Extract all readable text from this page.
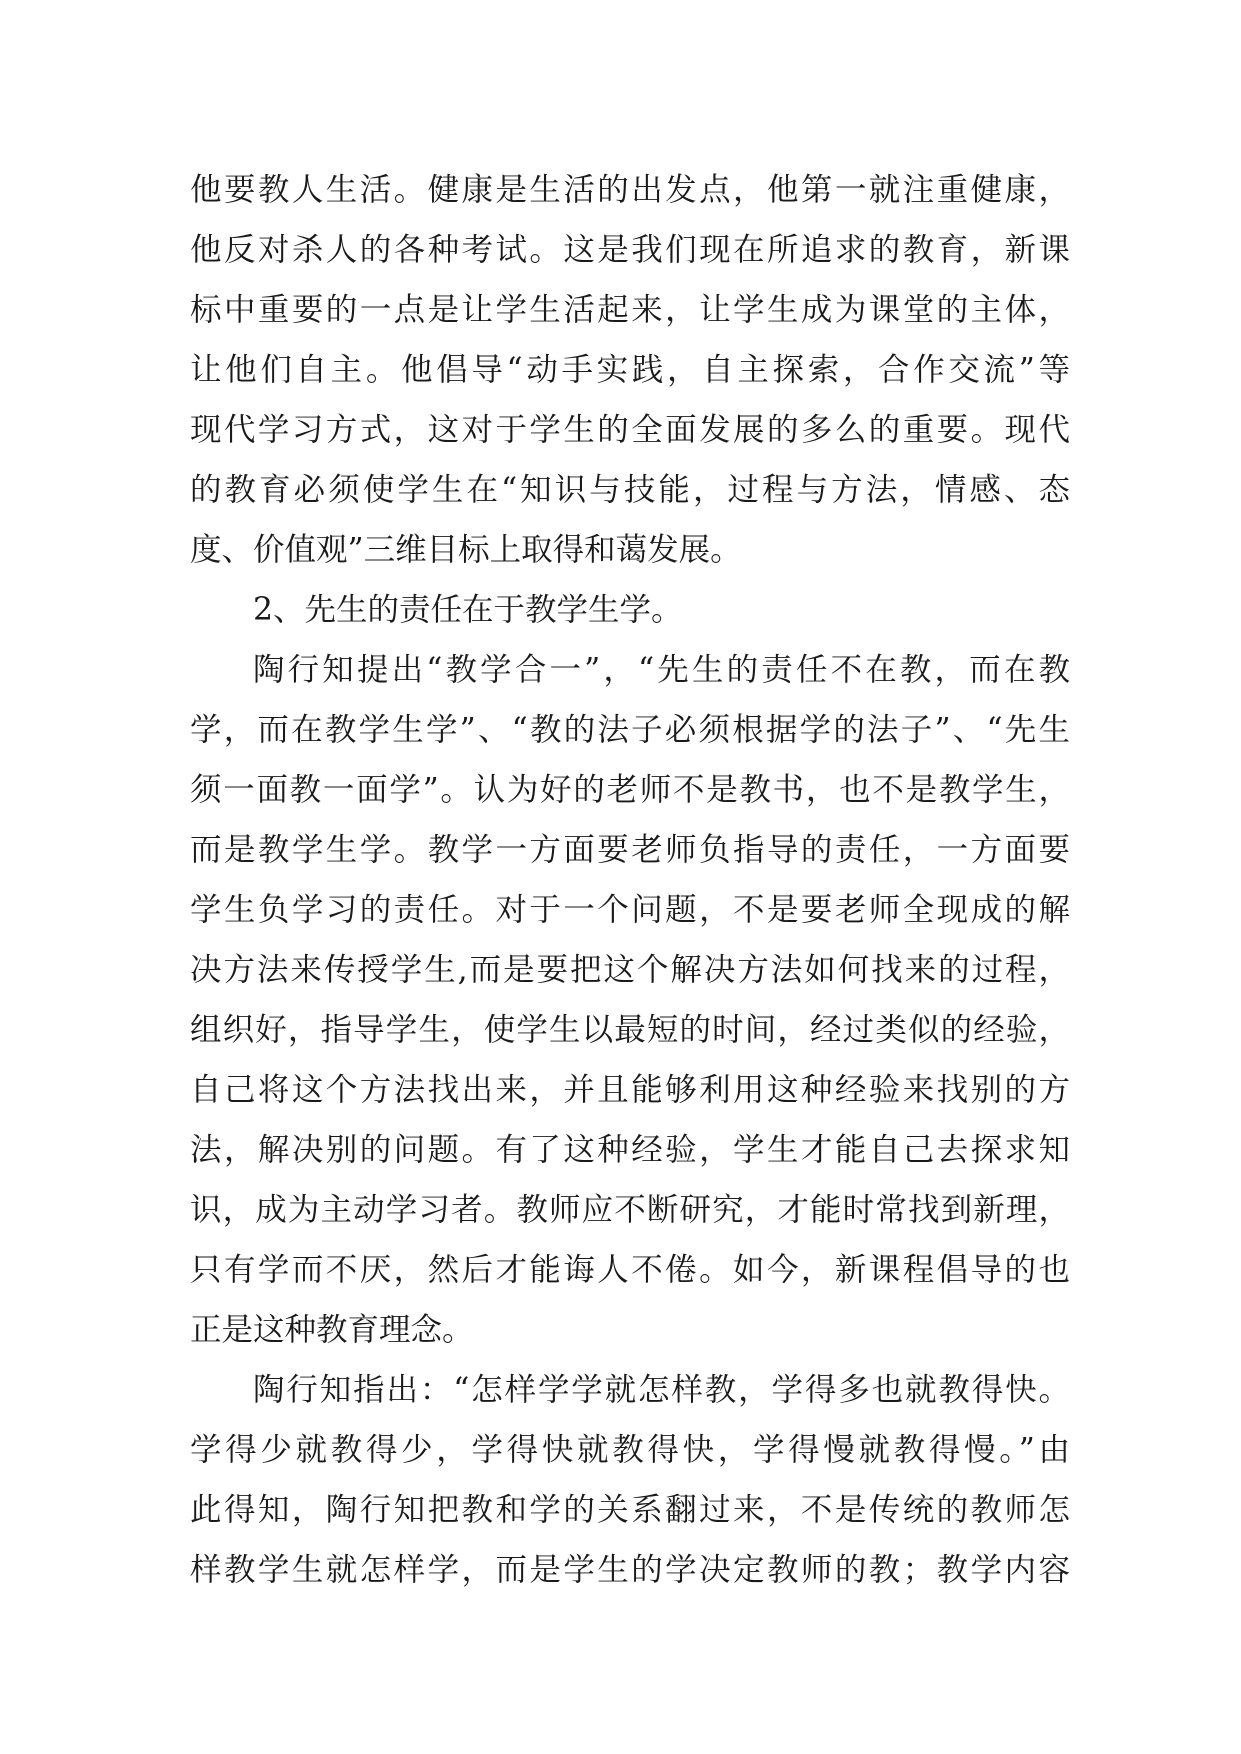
他要教人生活。健康是生活的出发点，他第一就注重健康，
他反对杀人的各种考试。这是我们现在所追求的教育，新课
标中重要的一点是让学生活起来，让学生成为课堂的主体，
让他们自主。他倡导“动手实践，自主探索，合作交流”等
现代学习方式，这对于学生的全面发展的多么的重要。现代
的教育必须使学生在“知识与技能，过程与方法，情感、态
度、价值观”三维目标上取得和蔼发展。
2、先生的责任在于教学生学。
陶行知提出“教学合一”，“先生的责任不在教，而在教
学，而在教学生学”、“教的法子必须根据学的法子”、“先生
须一面教一面学”。认为好的老师不是教书，也不是教学生，
而是教学生学。教学一方面要老师负指导的责任，一方面要
学生负学习的责任。对于一个问题，不是要老师全现成的解
决方法来传授学生,而是要把这个解决方法如何找来的过程，
组织好，指导学生，使学生以最短的时间，经过类似的经验，
自己将这个方法找出来，并且能够利用这种经验来找别的方
法，解决别的问题。有了这种经验，学生才能自己去探求知
识，成为主动学习者。教师应不断研究，才能时常找到新理，
只有学而不厌，然后才能诲人不倦。如今，新课程倡导的也
正是这种教育理念。
陶行知指出：“怎样学学就怎样教，学得多也就教得快。
学得少就教得少，学得快就教得快，学得慢就教得慢。”由
此得知，陶行知把教和学的关系翻过来，不是传统的教师怎
样教学生就怎样学，而是学生的学决定教师的教；教学内容
